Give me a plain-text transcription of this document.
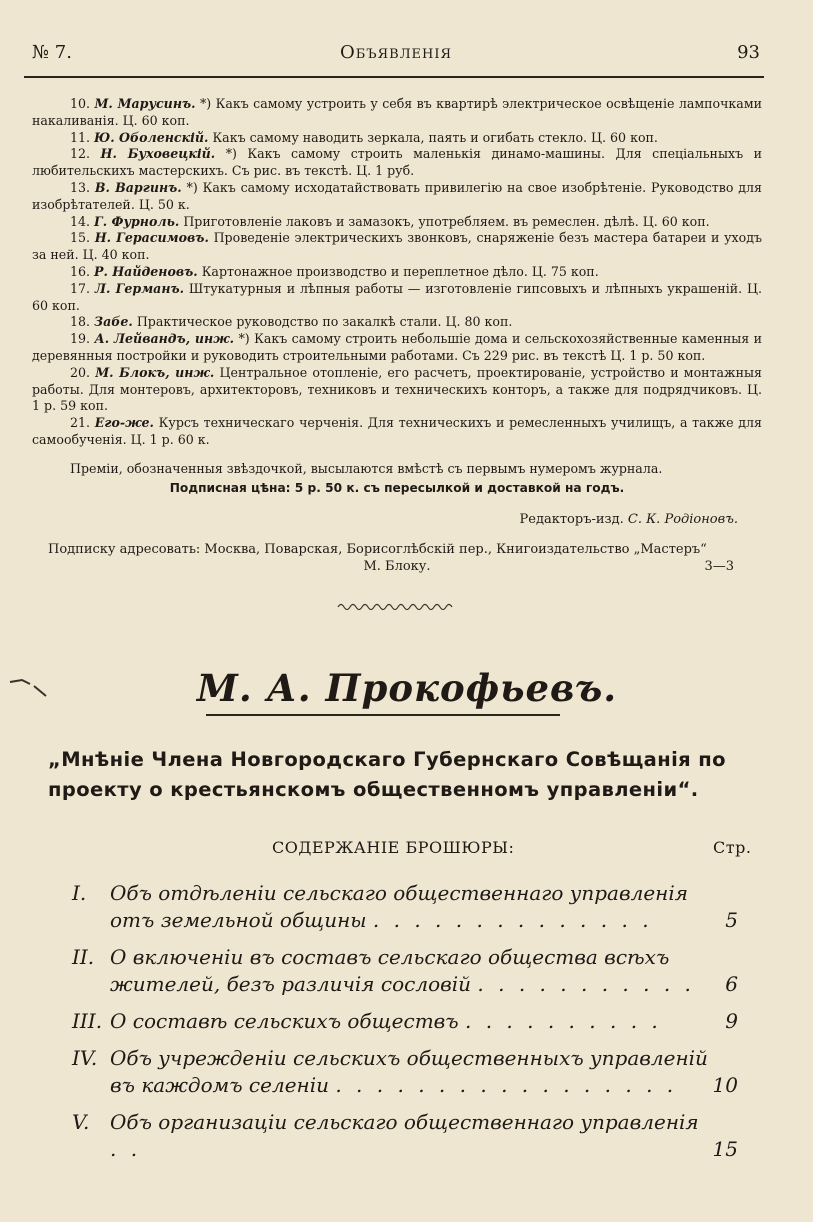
№ 7.	Объявленія	93

10. М. Марусинъ. *) Какъ самому устроить у себя въ квартирѣ электрическое освѣщеніе лампочками накаливанія. Ц. 60 коп.

11. Ю. Оболенскій. Какъ самому наводить зеркала, паять и огибать стекло. Ц. 60 коп.

12. Н. Буховецкій. *) Какъ самому строить маленькія динамо-машины. Для спеціальныхъ и любительскихъ мастерскихъ. Съ рис. въ текстѣ. Ц. 1 руб.

13. В. Варгинъ. *) Какъ самому исходатайствовать привилегію на свое изобрѣтеніе. Руководство для изобрѣтателей. Ц. 50 к.

14. Г. Фурноль. Приготовленіе лаковъ и замазокъ, употребляем. въ ремеслен. дѣлѣ. Ц. 60 коп.

15. Н. Герасимовъ. Проведеніе электрическихъ звонковъ, снаряженіе безъ мастера батареи и уходъ за ней. Ц. 40 коп.

16. Р. Найденовъ. Картонажное производство и переплетное дѣло. Ц. 75 коп.

17. Л. Германъ. Штукатурныя и лѣпныя работы — изготовленіе гипсовыхъ и лѣпныхъ украшеній. Ц. 60 коп.

18. Забе. Практическое руководство по закалкѣ стали. Ц. 80 коп.

19. А. Лейвандъ, инж. *) Какъ самому строить небольшіе дома и сельскохозяйственные каменныя и деревянныя постройки и руководить строительными работами. Съ 229 рис. въ текстѣ Ц. 1 р. 50 коп.

20. М. Блокъ, инж. Центральное отопленіе, его расчетъ, проектированіе, устройство и монтажныя работы. Для монтеровъ, архитекторовъ, техниковъ и техническихъ конторъ, а также для подрядчиковъ. Ц. 1 р. 59 коп.

21. Его-же. Курсъ техническаго черченія. Для техническихъ и ремесленныхъ училищъ, а также для самообученія. Ц. 1 р. 60 к.

Преміи, обозначенныя звѣздочкой, высылаются вмѣстѣ съ первымъ нумеромъ журнала.
Подписная цѣна: 5 р. 50 к. съ пересылкой и доставкой на годъ.
Редакторъ-изд. С. К. Родіоновъ.
Подписку адресовать: Москва, Поварская, Борисоглѣбскій пер., Книгоиздательство „Мастеръ“
М. Блоку.	3—3
М. А. Прокофьевъ.
„Мнѣніе Члена Новгородскаго Губернскаго Совѣщанія по проекту о крестьянскомъ общественномъ управленіи“.
СОДЕРЖАНІЕ БРОШЮРЫ:	Стр.
I. Объ отдѣленіи сельскаго общественнаго управленія отъ земельной общины . . . . . . . . . . . . . .	5
II. О включеніи въ составъ сельскаго общества всѣхъ жителей, безъ различія сословій . . . . . . . . . . .	6
III. О составѣ сельскихъ обществъ . . . . . . . . . .	9
IV. Объ учрежденіи сельскихъ общественныхъ управленій въ каждомъ селеніи . . . . . . . . . . . . . . . . .	10
V. Объ организаціи сельскаго общественнаго управленія . .	15
